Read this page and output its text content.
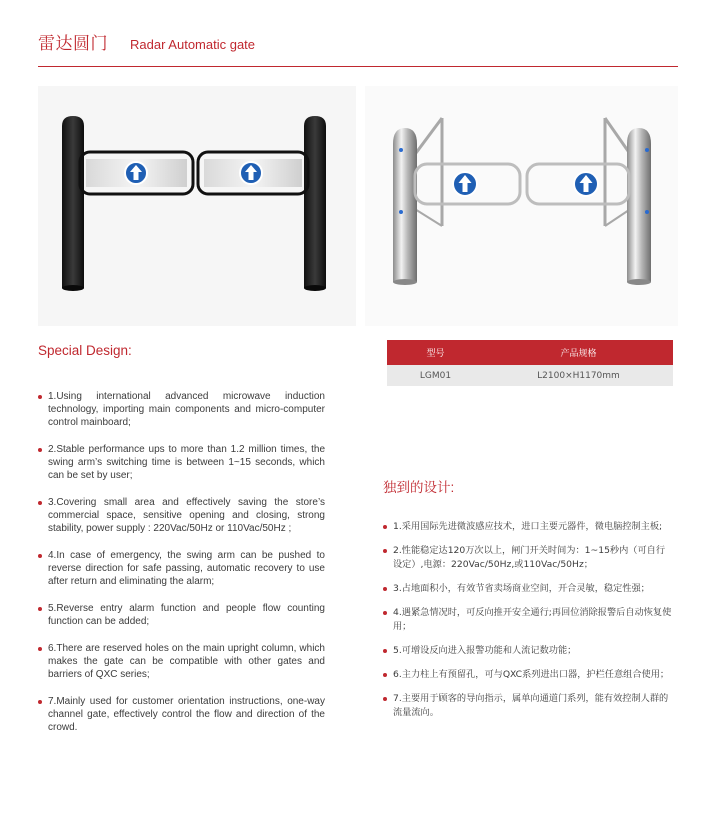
雷达圆门 Radar Automatic gate
Special Design:
1.Using international advanced microwave induction technology, importing main components and micro-computer control mainboard;
2.Stable performance ups to more than 1.2 million times, the swing arm’s switching time is between 1~15 seconds, which can be set by user;
3.Covering small area and effectively saving the store’s commercial space, sensitive opening and closing, strong stability, power supply : 220Vac/50Hz or 110Vac/50Hz ;
4.In case of emergency, the swing arm can be pushed to reverse direction for safe passing, automatic recovery to use after return and eliminating the alarm;
5.Reverse entry alarm function and people flow counting function can be added;
6.There are reserved holes on the main upright column, which makes the gate can be compatible with other gates and barriers of QXC series;
7.Mainly used for customer orientation instructions, one-way channel gate, effectively control the flow and direction of the crowd.
型号	产品规格
LGM01	L2100×H1170mm
独到的设计:
1.采用国际先进微波感应技术，进口主要元器件，微电脑控制主板;
2.性能稳定达120万次以上，闸门开关时间为：1~15秒内（可自行设定）,电源：220Vac/50Hz,或110Vac/50Hz；
3.占地面积小，有效节省卖场商业空间，开合灵敏，稳定性强；
4.遇紧急情况时，可反向推开安全通行;再回位消除报警后自动恢复使用；
5.可增设反向进入报警功能和人流记数功能；
6.主力柱上有预留孔，可与QXC系列进出口器，护栏任意组合使用；
7.主要用于顾客的导向指示，属单向通道门系列，能有效控制人群的流量流向。
